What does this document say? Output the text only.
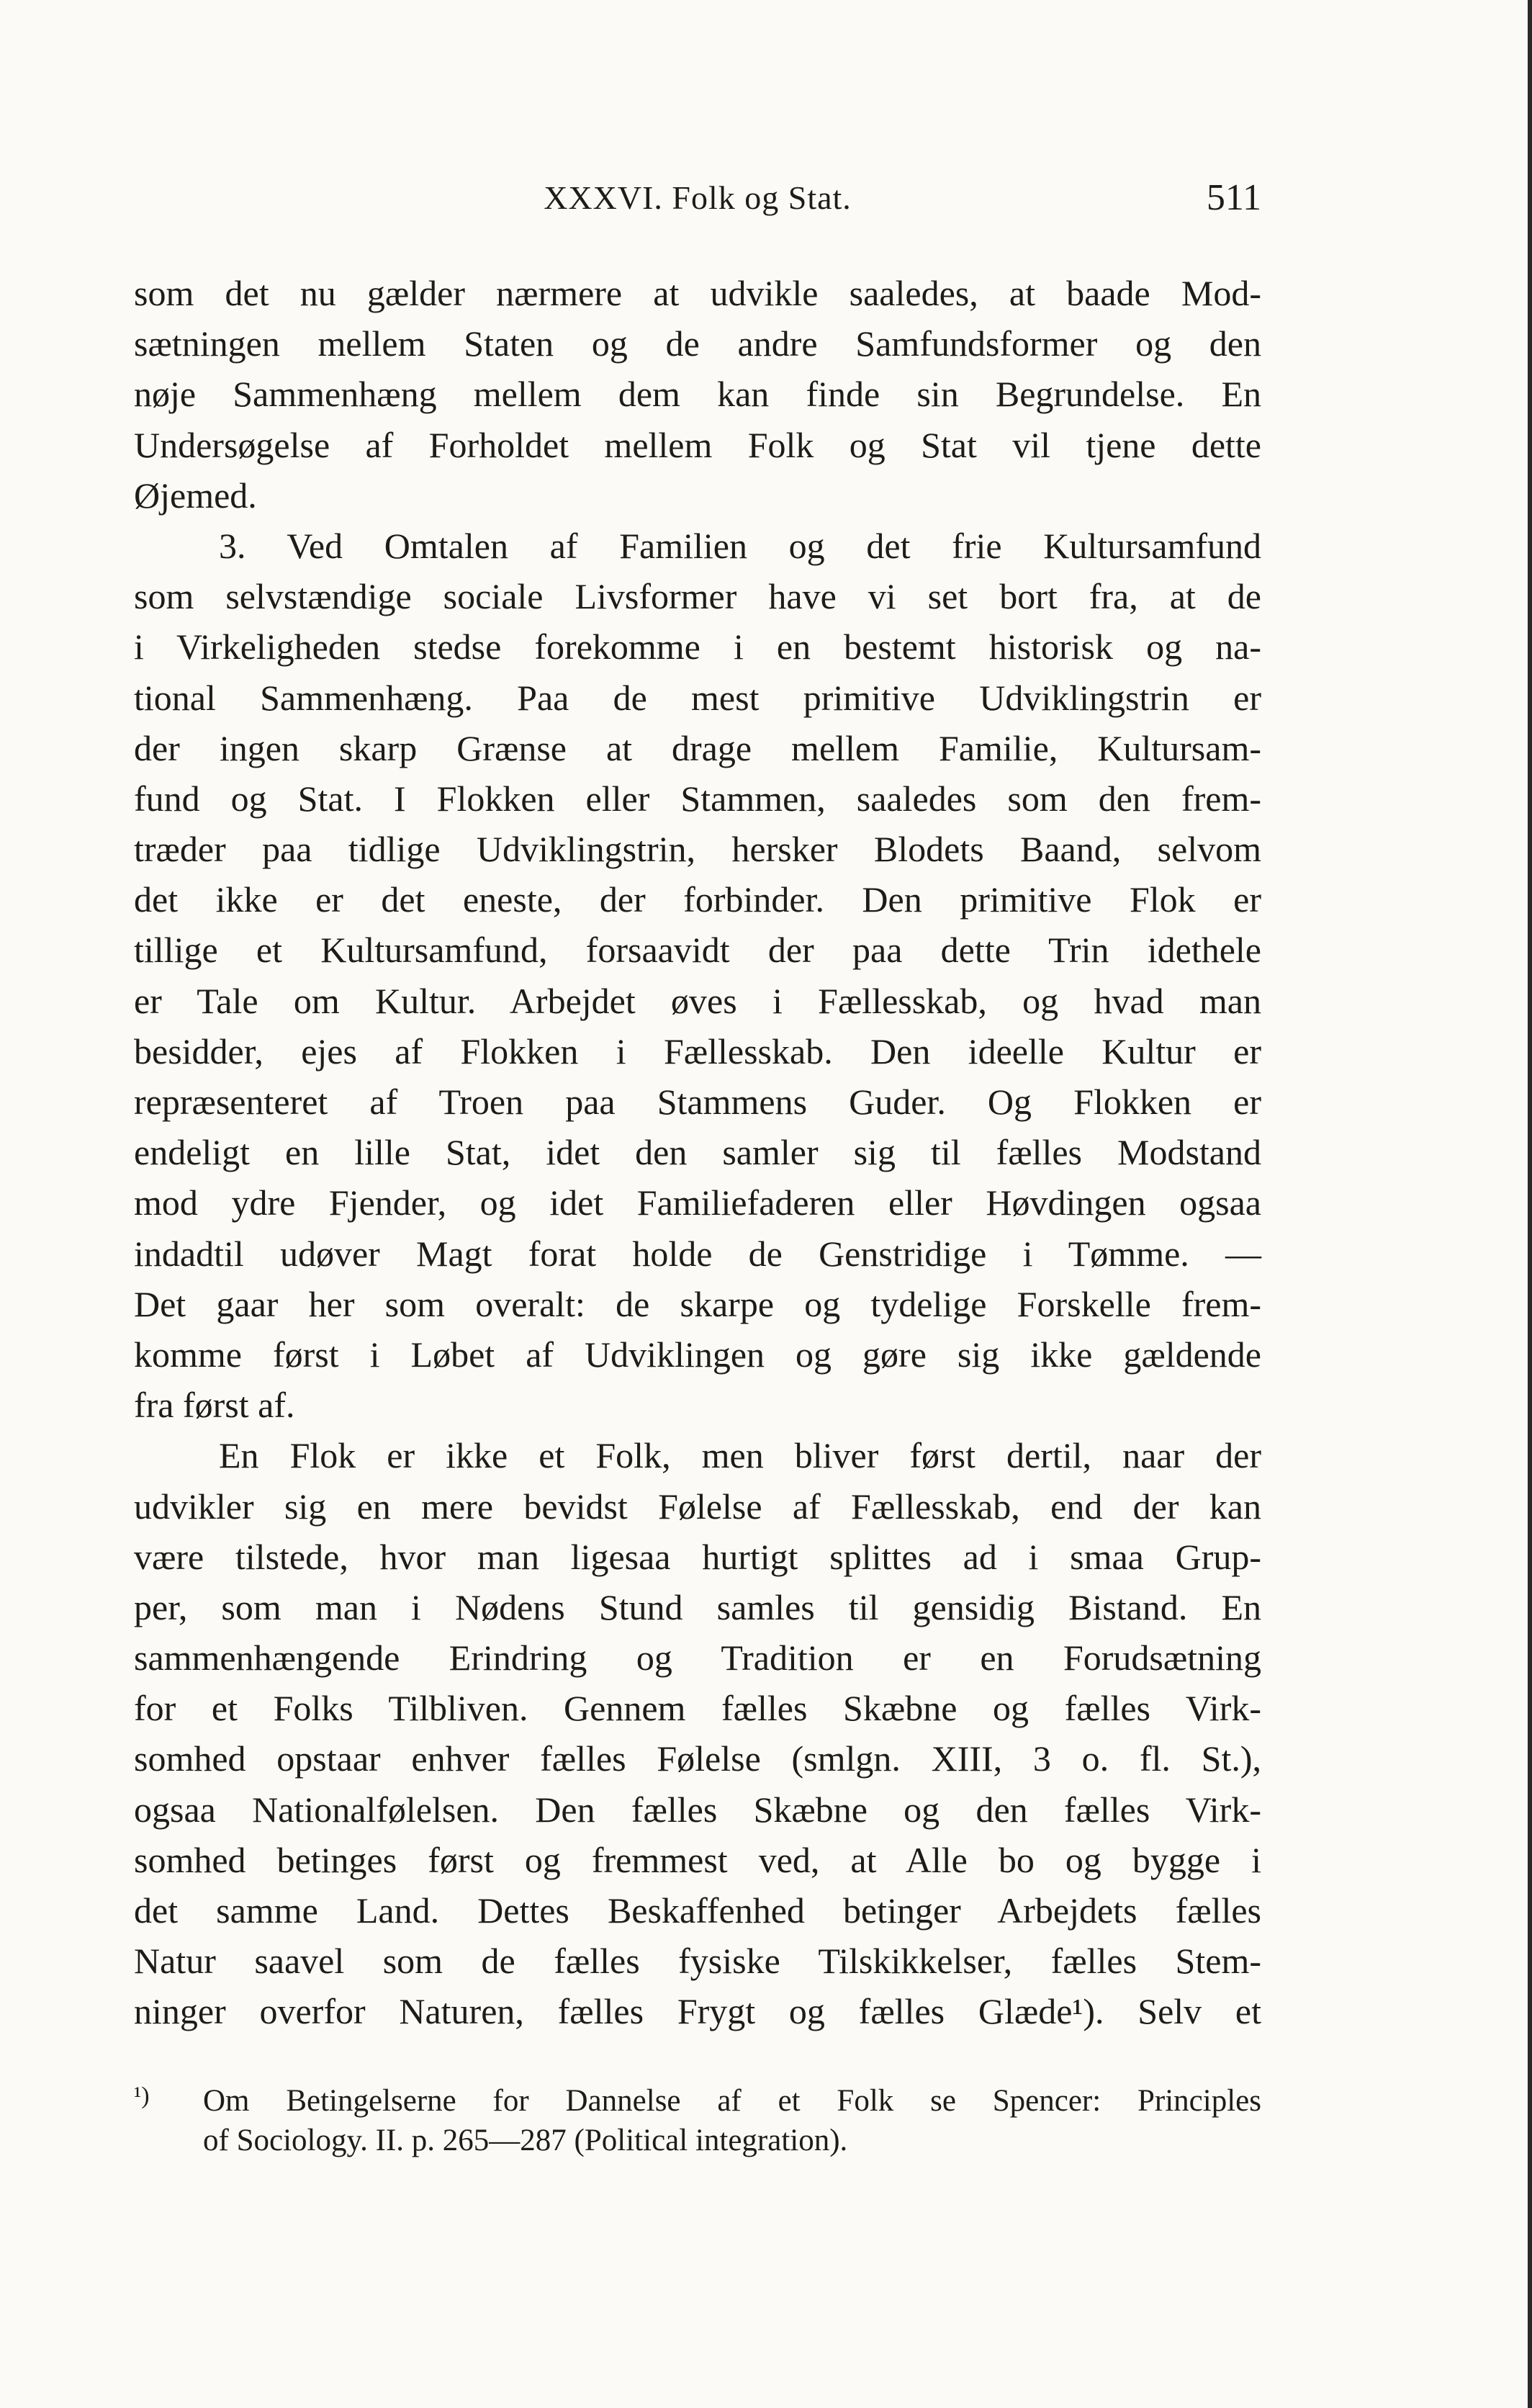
XXXVI. Folk og Stat.	511
som det nu gælder nærmere at udvikle saaledes, at baade Mod-
sætningen mellem Staten og de andre Samfundsformer og den
nøje Sammenhæng mellem dem kan finde sin Begrundelse. En
Undersøgelse af Forholdet mellem Folk og Stat vil tjene dette
Øjemed.
3. Ved Omtalen af Familien og det frie Kultursamfund
som selvstændige sociale Livsformer have vi set bort fra, at de
i Virkeligheden stedse forekomme i en bestemt historisk og na-
tional Sammenhæng. Paa de mest primitive Udviklingstrin er
der ingen skarp Grænse at drage mellem Familie, Kultursam-
fund og Stat. I Flokken eller Stammen, saaledes som den frem-
træder paa tidlige Udviklingstrin, hersker Blodets Baand, selvom
det ikke er det eneste, der forbinder. Den primitive Flok er
tillige et Kultursamfund, forsaavidt der paa dette Trin idethele
er Tale om Kultur. Arbejdet øves i Fællesskab, og hvad man
besidder, ejes af Flokken i Fællesskab. Den ideelle Kultur er
repræsenteret af Troen paa Stammens Guder. Og Flokken er
endeligt en lille Stat, idet den samler sig til fælles Modstand
mod ydre Fjender, og idet Familiefaderen eller Høvdingen ogsaa
indadtil udøver Magt forat holde de Genstridige i Tømme. —
Det gaar her som overalt: de skarpe og tydelige Forskelle frem-
komme først i Løbet af Udviklingen og gøre sig ikke gældende
fra først af.
En Flok er ikke et Folk, men bliver først dertil, naar der
udvikler sig en mere bevidst Følelse af Fællesskab, end der kan
være tilstede, hvor man ligesaa hurtigt splittes ad i smaa Grup-
per, som man i Nødens Stund samles til gensidig Bistand. En
sammenhængende Erindring og Tradition er en Forudsætning
for et Folks Tilbliven. Gennem fælles Skæbne og fælles Virk-
somhed opstaar enhver fælles Følelse (smlgn. XIII, 3 o. fl. St.),
ogsaa Nationalfølelsen. Den fælles Skæbne og den fælles Virk-
somhed betinges først og fremmest ved, at Alle bo og bygge i
det samme Land. Dettes Beskaffenhed betinger Arbejdets fælles
Natur saavel som de fælles fysiske Tilskikkelser, fælles Stem-
ninger overfor Naturen, fælles Frygt og fælles Glæde¹). Selv et
¹) Om Betingelserne for Dannelse af et Folk se Spencer: Principles
of Sociology. II. p. 265—287 (Political integration).
